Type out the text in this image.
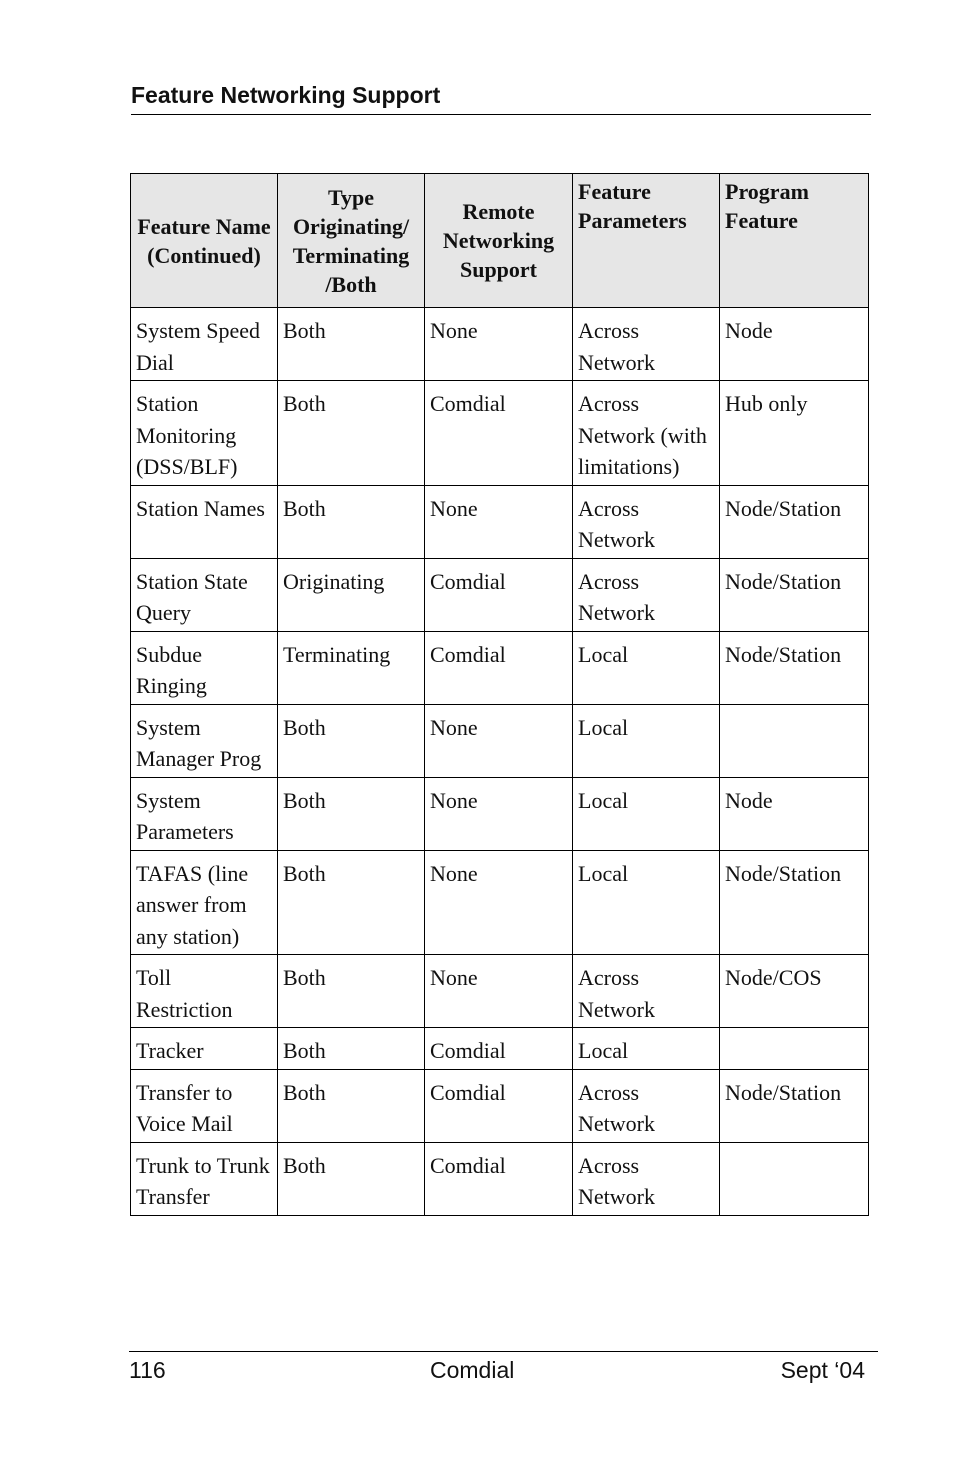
Feature Networking Support
Feature Name (Continued)	Type Originating/ Terminating /Both	Remote Networking Support	Feature Parameters	Program Feature
System Speed Dial	Both	None	Across Network	Node
Station Monitoring (DSS/BLF)	Both	Comdial	Across Network (with limitations)	Hub only
Station Names	Both	None	Across Network	Node/Station
Station State Query	Originating	Comdial	Across Network	Node/Station
Subdue Ringing	Terminating	Comdial	Local	Node/Station
System Manager Prog	Both	None	Local	
System Parameters	Both	None	Local	Node
TAFAS (line answer from any station)	Both	None	Local	Node/Station
Toll Restriction	Both	None	Across Network	Node/COS
Tracker	Both	Comdial	Local	
Transfer to Voice Mail	Both	Comdial	Across Network	Node/Station
Trunk to Trunk Transfer	Both	Comdial	Across Network	
116	Comdial	Sept ‘04
